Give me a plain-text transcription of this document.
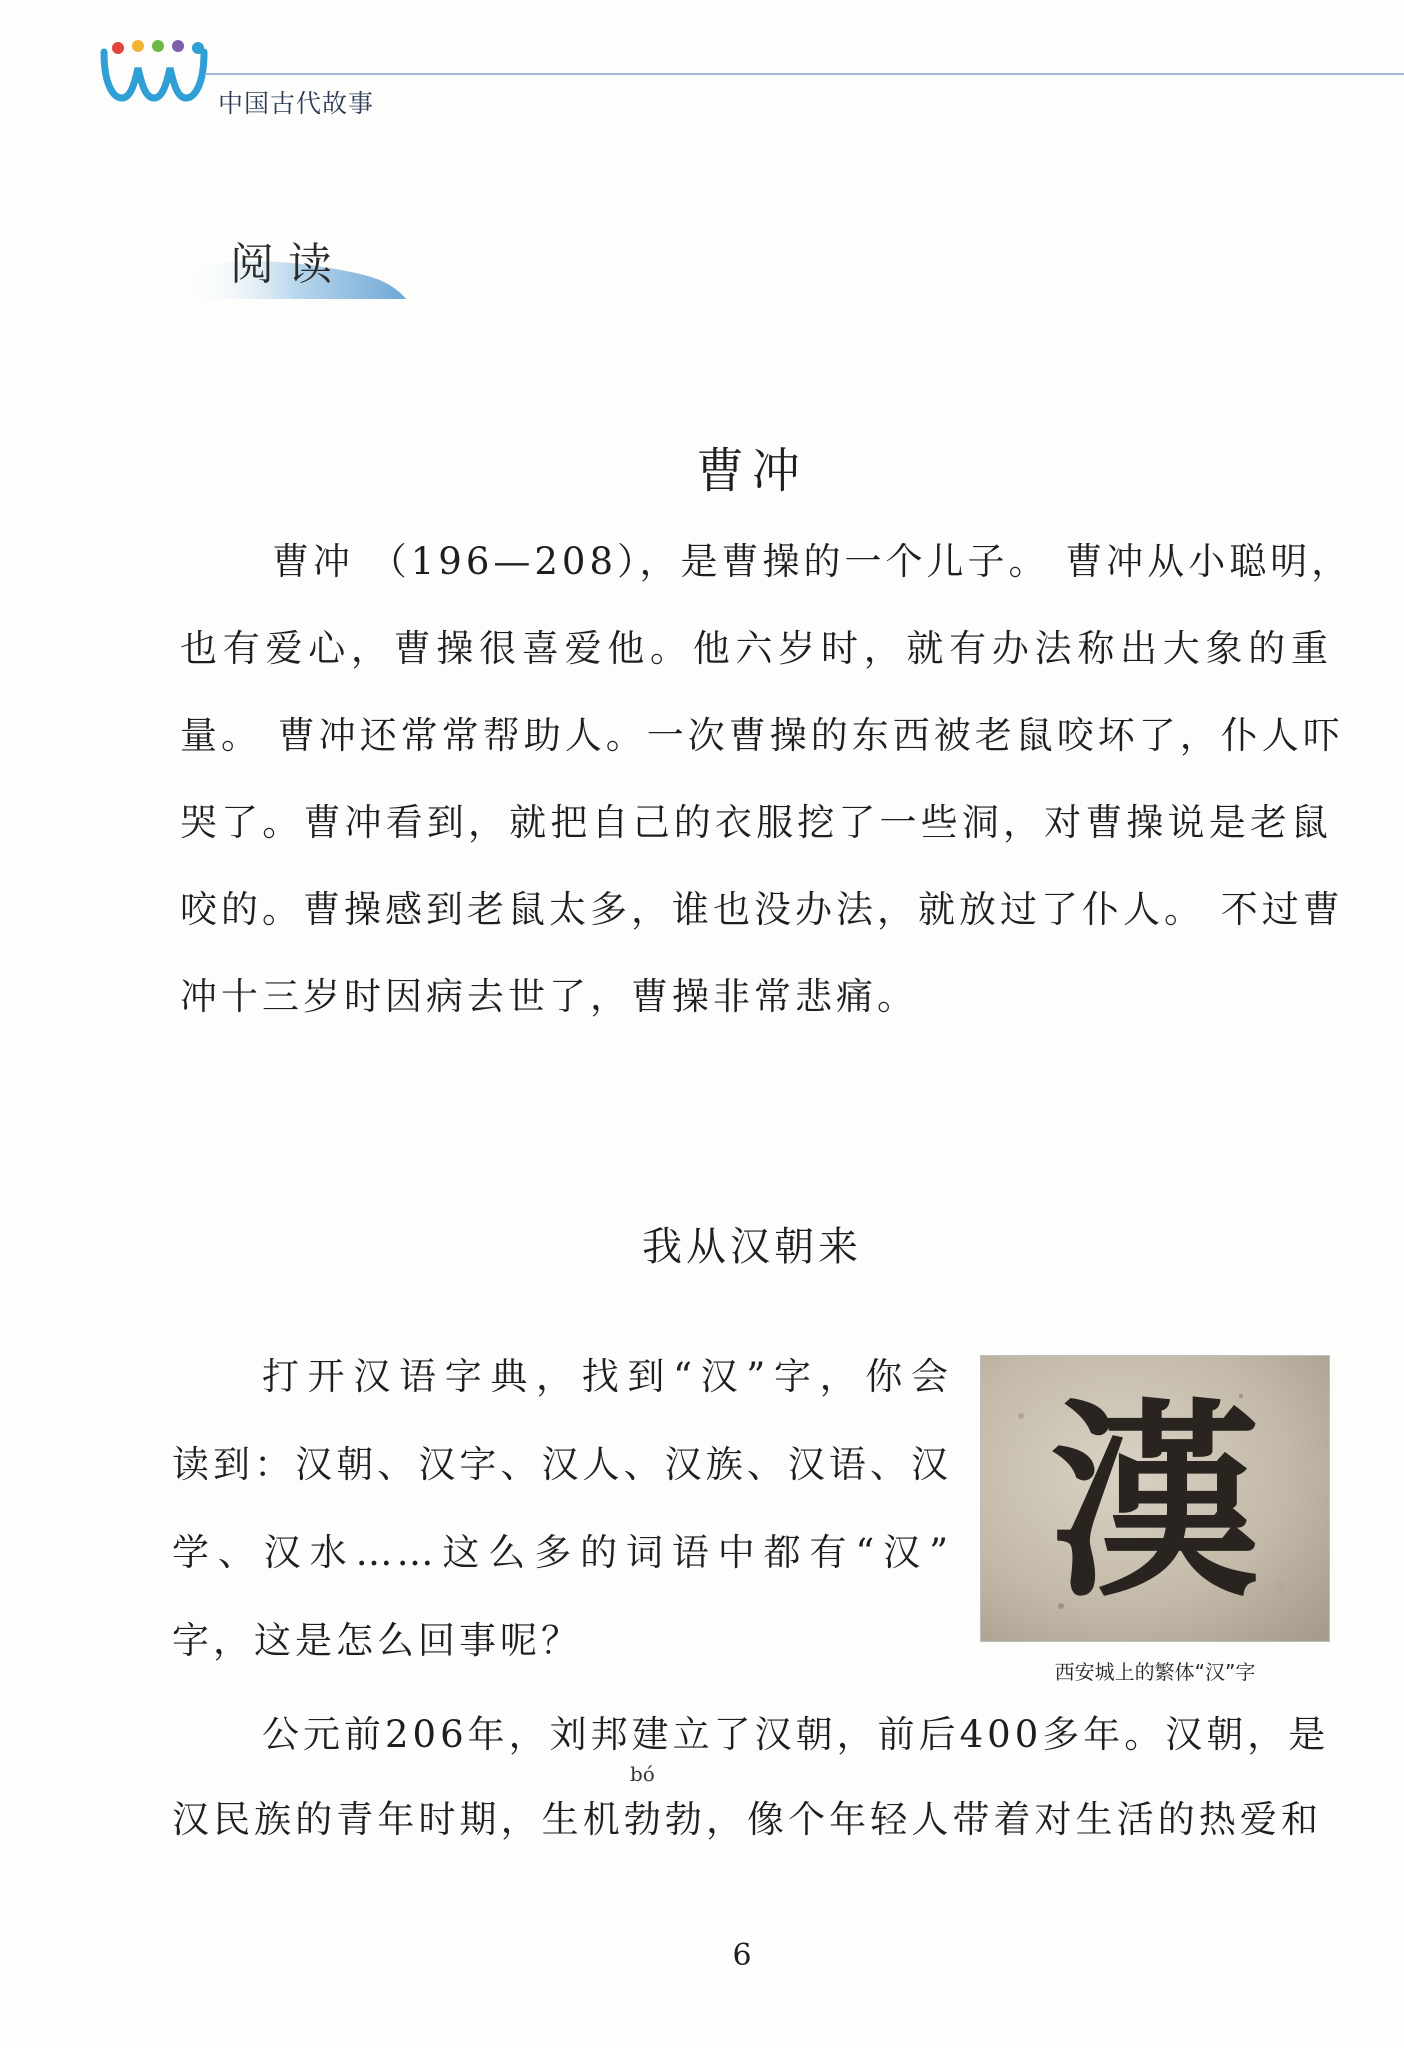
中国古代故事
阅读
曹冲
曹冲 （196—208），是曹操的一个儿子。 曹冲从小聪明，
也有爱心，曹操很喜爱他。他六岁时，就有办法称出大象的重
量。 曹冲还常常帮助人。一次曹操的东西被老鼠咬坏了，仆人吓
哭了。曹冲看到，就把自己的衣服挖了一些洞，对曹操说是老鼠
咬的。曹操感到老鼠太多，谁也没办法，就放过了仆人。 不过曹
冲十三岁时因病去世了，曹操非常悲痛。
我从汉朝来
打开汉语字典，找到“汉”字，你会
读到：汉朝、汉字、汉人、汉族、汉语、汉
学、汉水……这么多的词语中都有“汉”
字，这是怎么回事呢？
漢
西安城上的繁体“汉”字
bó
公元前206年，刘邦建立了汉朝，前后400多年。汉朝，是
汉民族的青年时期，生机勃勃，像个年轻人带着对生活的热爱和
6
